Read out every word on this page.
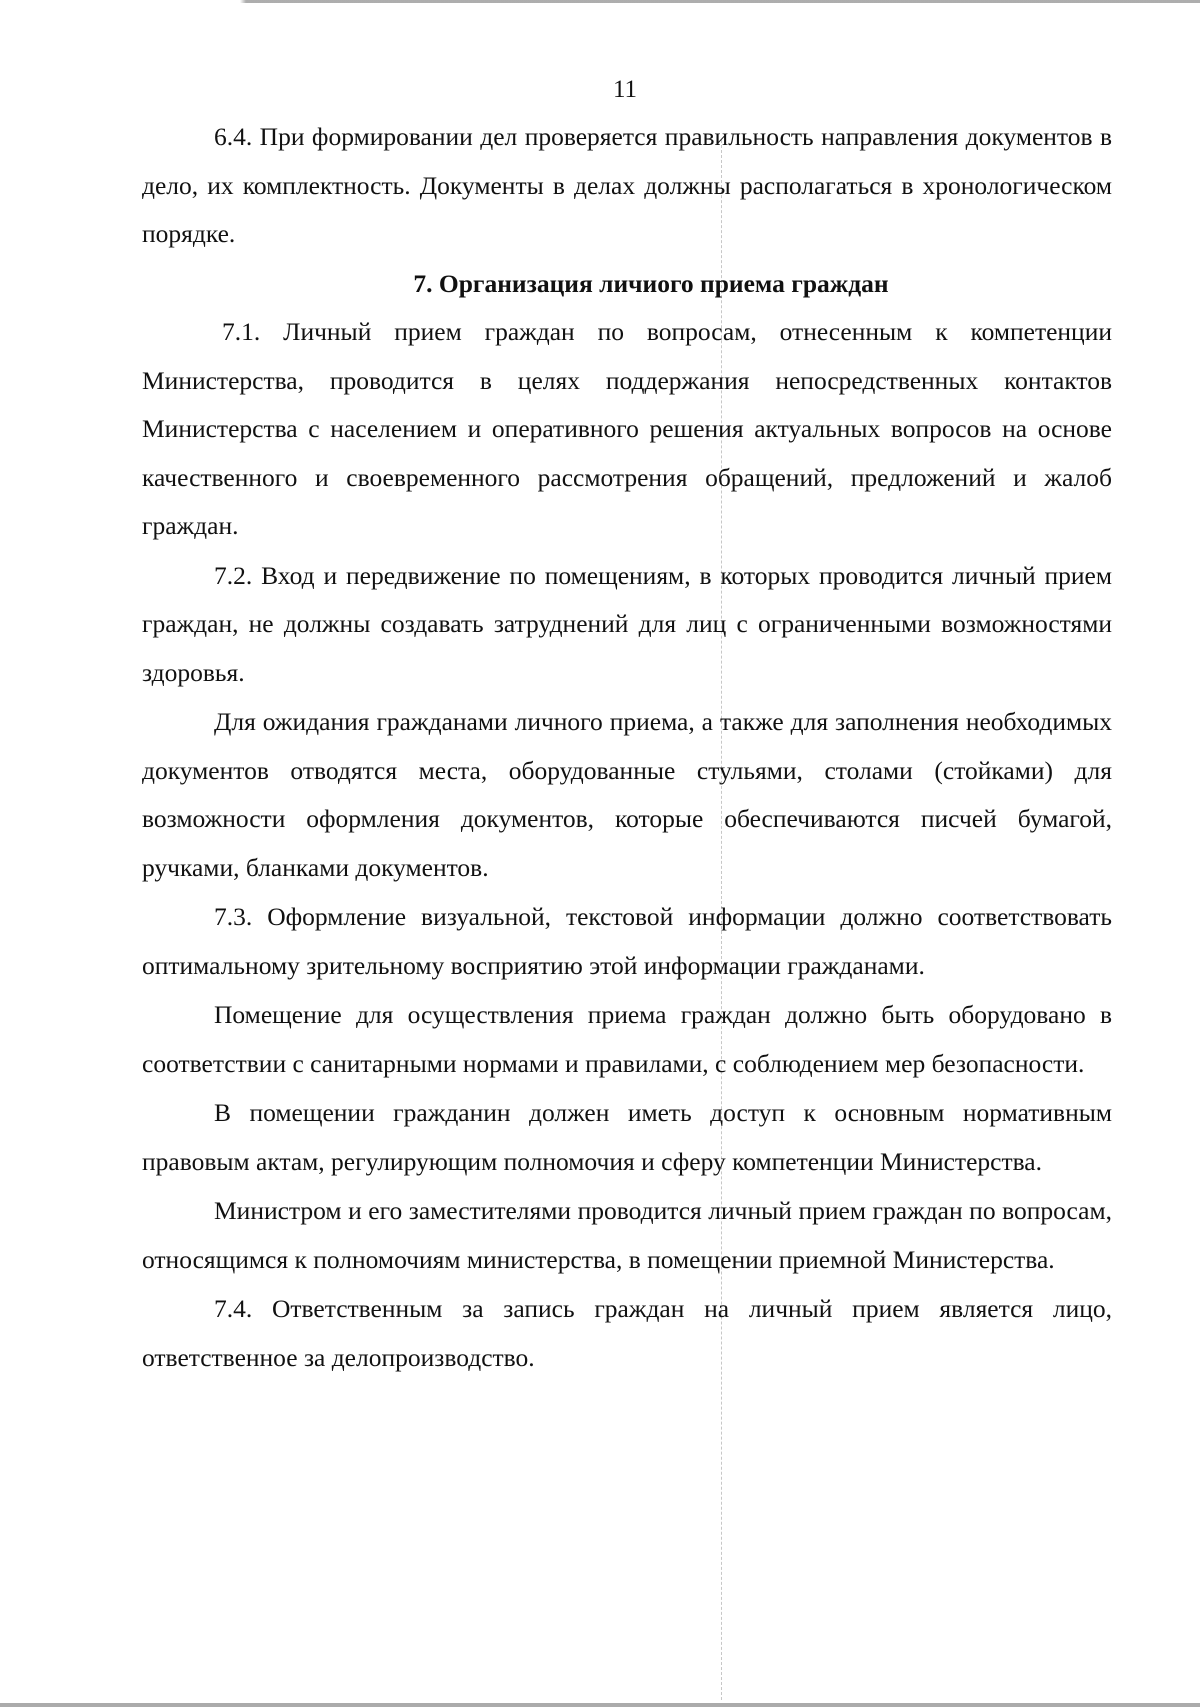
11

6.4. При формировании дел проверяется правильность направления документов в дело, их комплектность. Документы в делах должны располагаться в хронологическом порядке.

7. Организация личиого приема граждан

7.1. Личный прием граждан по вопросам, отнесенным к компетенции Министерства, проводится в целях поддержания непосредственных контактов Министерства с населением и оперативного решения актуальных вопросов на основе качественного и своевременного рассмотрения обращений, предложений и жалоб граждан.

7.2. Вход и передвижение по помещениям, в которых проводится личный прием граждан, не должны создавать затруднений для лиц с ограниченными возможностями здоровья.

Для ожидания гражданами личного приема, а также для заполнения необходимых документов отводятся места, оборудованные стульями, столами (стойками) для возможности оформления документов, которые обеспечиваются писчей бумагой, ручками, бланками документов.

7.3. Оформление визуальной, текстовой информации должно соответствовать оптимальному зрительному восприятию этой информации гражданами.

Помещение для осуществления приема граждан должно быть оборудовано в соответствии с санитарными нормами и правилами, с соблюдением мер безопасности.

В помещении гражданин должен иметь доступ к основным нормативным правовым актам, регулирующим полномочия и сферу компетенции Министерства.

Министром и его заместителями проводится личный прием граждан по вопросам, относящимся к полномочиям министерства, в помещении приемной Министерства.

7.4. Ответственным за запись граждан на личный прием является лицо, ответственное за делопроизводство.
